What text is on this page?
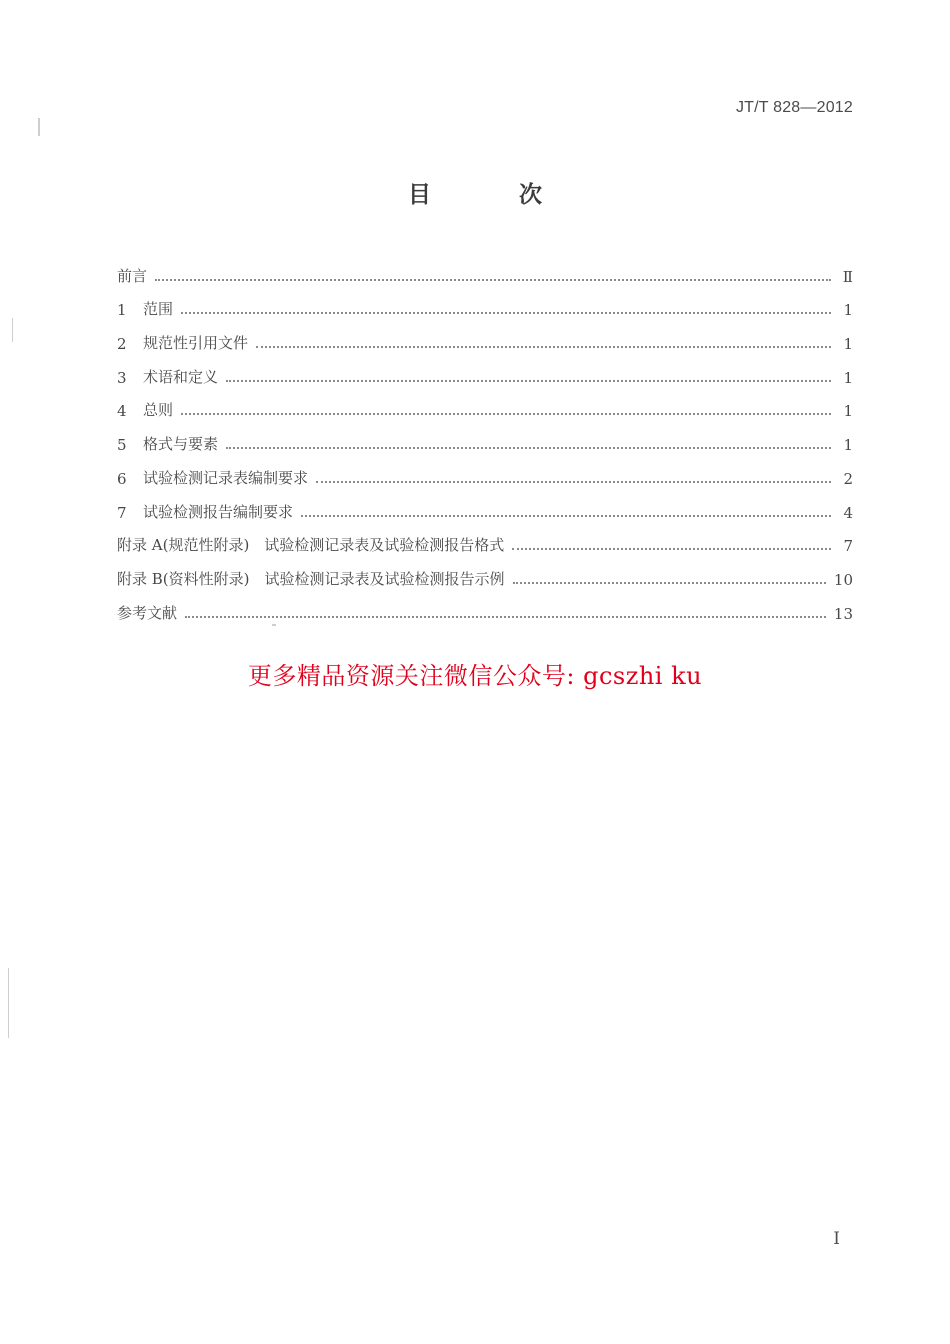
JT/T 828—2012
目 次
前言	Ⅱ
1	范围	1
2	规范性引用文件	1
3	术语和定义	1
4	总则	1
5	格式与要素	1
6	试验检测记录表编制要求	2
7	试验检测报告编制要求	4
附录 A(规范性附录)　试验检测记录表及试验检测报告格式	7
附录 B(资料性附录)　试验检测记录表及试验检测报告示例	10
参考文献	13
更多精品资源关注微信公众号: gcszhi ku
I
